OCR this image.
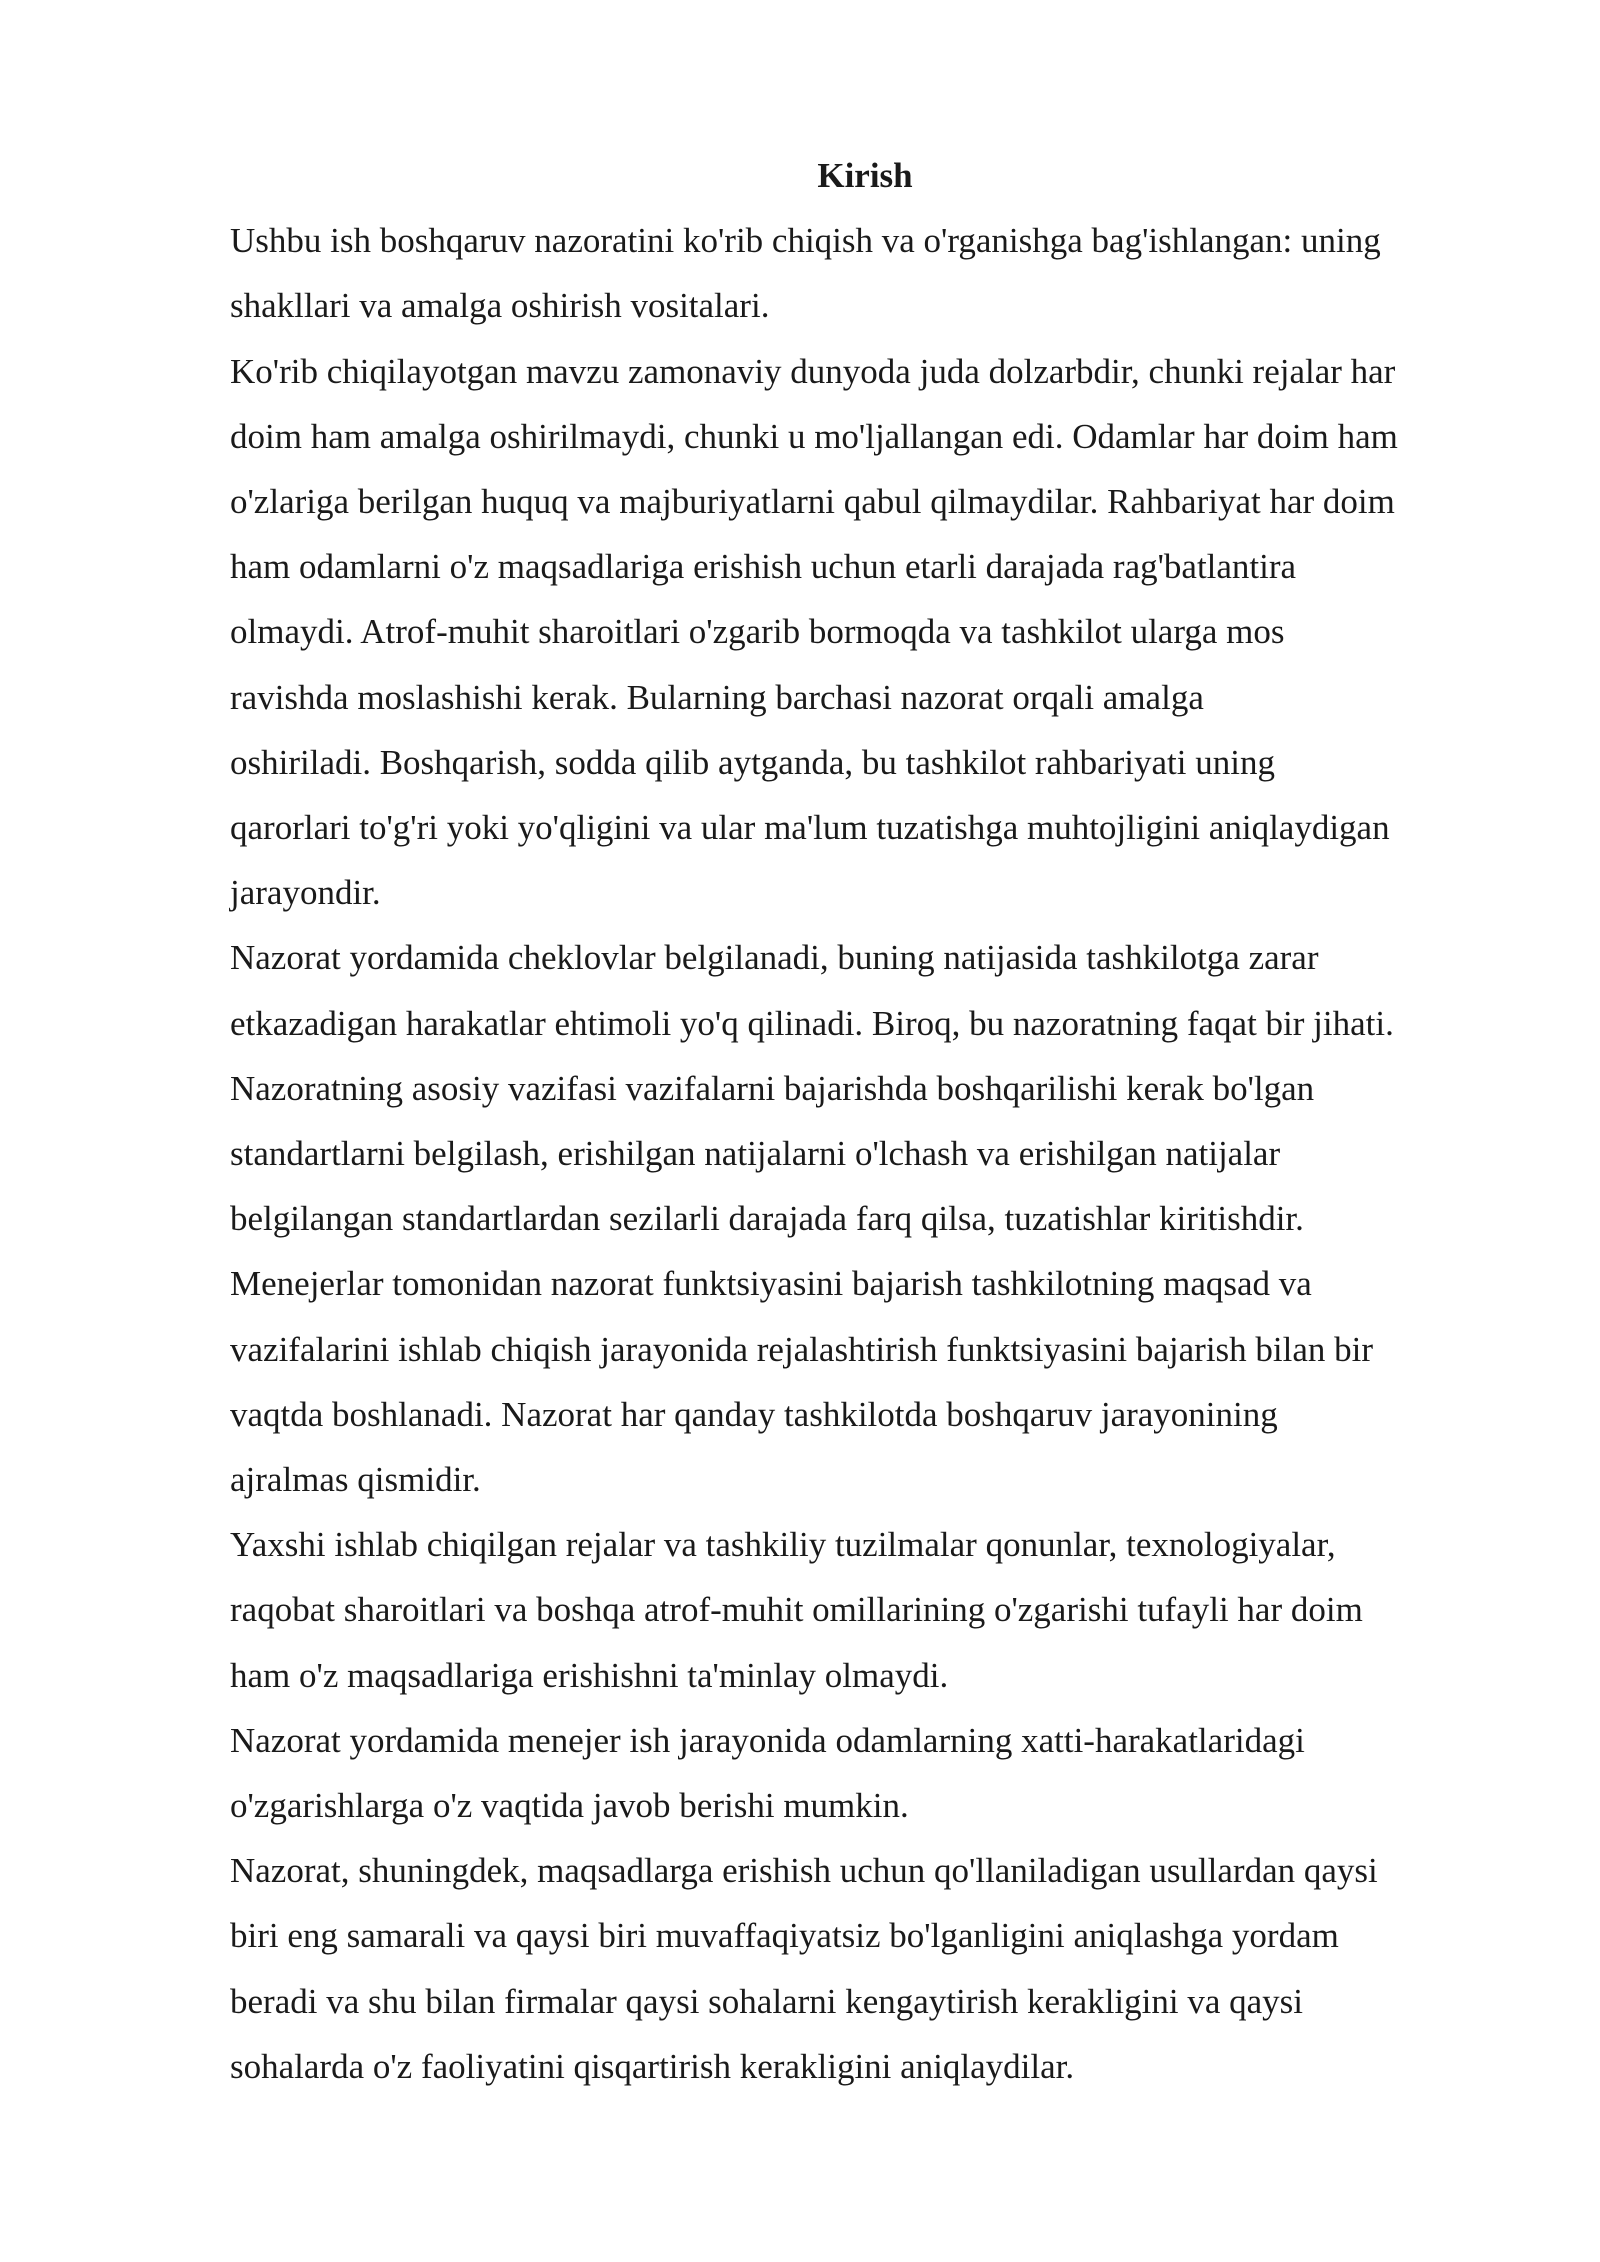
Kirish
Ushbu ish boshqaruv nazoratini ko'rib chiqish va o'rganishga bag'ishlangan: uning
shakllari va amalga oshirish vositalari.
Ko'rib chiqilayotgan mavzu zamonaviy dunyoda juda dolzarbdir, chunki rejalar har
doim ham amalga oshirilmaydi, chunki u mo'ljallangan edi. Odamlar har doim ham
o'zlariga berilgan huquq va majburiyatlarni qabul qilmaydilar. Rahbariyat har doim
ham odamlarni o'z maqsadlariga erishish uchun etarli darajada rag'batlantira
olmaydi. Atrof-muhit sharoitlari o'zgarib bormoqda va tashkilot ularga mos
ravishda moslashishi kerak. Bularning barchasi nazorat orqali amalga
oshiriladi. Boshqarish, sodda qilib aytganda, bu tashkilot rahbariyati uning
qarorlari to'g'ri yoki yo'qligini va ular ma'lum tuzatishga muhtojligini aniqlaydigan
jarayondir.
Nazorat yordamida cheklovlar belgilanadi, buning natijasida tashkilotga zarar
etkazadigan harakatlar ehtimoli yo'q qilinadi. Biroq, bu nazoratning faqat bir jihati.
Nazoratning asosiy vazifasi vazifalarni bajarishda boshqarilishi kerak bo'lgan
standartlarni belgilash, erishilgan natijalarni o'lchash va erishilgan natijalar
belgilangan standartlardan sezilarli darajada farq qilsa, tuzatishlar kiritishdir.
Menejerlar tomonidan nazorat funktsiyasini bajarish tashkilotning maqsad va
vazifalarini ishlab chiqish jarayonida rejalashtirish funktsiyasini bajarish bilan bir
vaqtda boshlanadi. Nazorat har qanday tashkilotda boshqaruv jarayonining
ajralmas qismidir.
Yaxshi ishlab chiqilgan rejalar va tashkiliy tuzilmalar qonunlar, texnologiyalar,
raqobat sharoitlari va boshqa atrof-muhit omillarining o'zgarishi tufayli har doim
ham o'z maqsadlariga erishishni ta'minlay olmaydi.
Nazorat yordamida menejer ish jarayonida odamlarning xatti-harakatlaridagi
o'zgarishlarga o'z vaqtida javob berishi mumkin.
Nazorat, shuningdek, maqsadlarga erishish uchun qo'llaniladigan usullardan qaysi
biri eng samarali va qaysi biri muvaffaqiyatsiz bo'lganligini aniqlashga yordam
beradi va shu bilan firmalar qaysi sohalarni kengaytirish kerakligini va qaysi
sohalarda o'z faoliyatini qisqartirish kerakligini aniqlaydilar.
